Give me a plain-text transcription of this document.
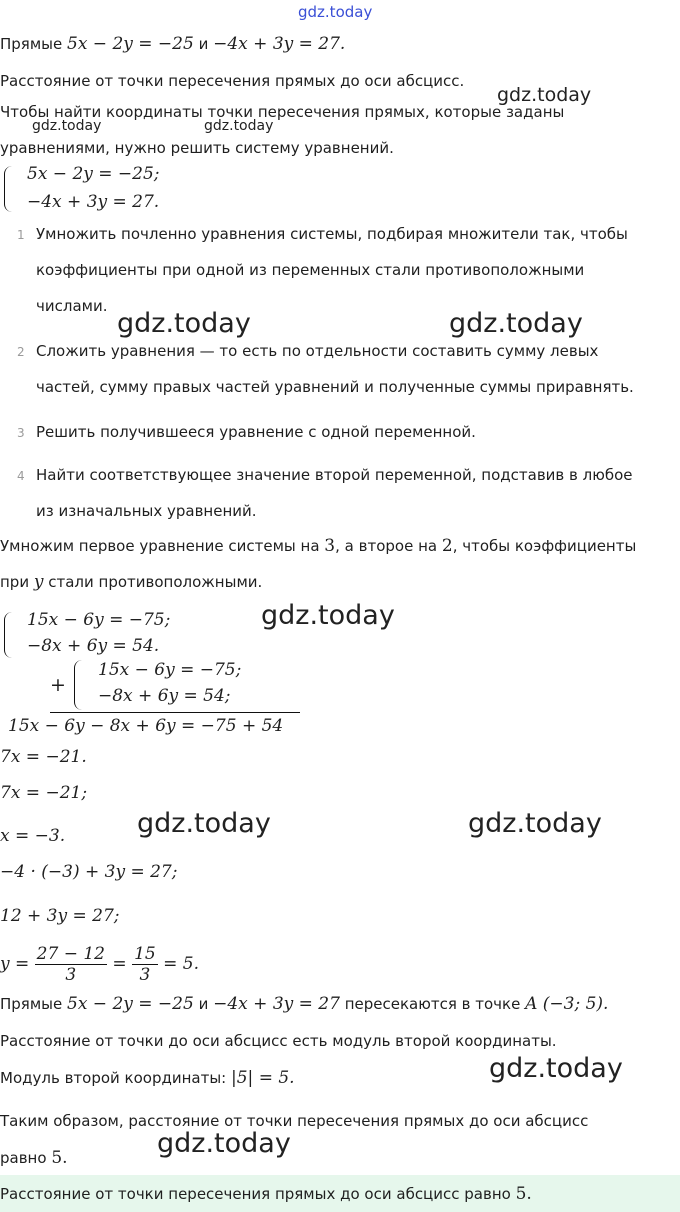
gdz.today
gdz.today
gdz.today	gdz.today
gdz.today	gdz.today
gdz.today
gdz.today	gdz.today
gdz.today
gdz.today
Прямые 5x − 2y = −25 и −4x + 3y = 27.
Расстояние от точки пересечения прямых до оси абсцисс.
Чтобы найти координаты точки пересечения прямых, которые заданы
уравнениями, нужно решить систему уравнений.
5x − 2y = −25;
−4x + 3y = 27.
1 Умножить почленно уравнения системы, подбирая множители так, чтобы
коэффициенты при одной из переменных стали противоположными
числами.
2 Сложить уравнения — то есть по отдельности составить сумму левых
частей, сумму правых частей уравнений и полученные суммы приравнять.
3 Решить получившееся уравнение с одной переменной.
4 Найти соответствующее значение второй переменной, подставив в любое
из изначальных уравнений.
Умножим первое уравнение системы на 3, а второе на 2, чтобы коэффициенты
при y стали противоположными.
15x − 6y = −75;
−8x + 6y = 54.
+
15x − 6y = −75;
−8x + 6y = 54;
15x − 6y − 8x + 6y = −75 + 54
7x = −21.
7x = −21;
x = −3.
−4 · (−3) + 3y = 27;
12 + 3y = 27;
$y = \frac{27 - 12}{3} = \frac{15}{3} = 5$.
Прямые 5x − 2y = −25 и −4x + 3y = 27 пересекаются в точке A (−3; 5).
Расстояние от точки до оси абсцисс есть модуль второй координаты.
Модуль второй координаты: |5| = 5.
Таким образом, расстояние от точки пересечения прямых до оси абсцисс
равно 5.
Расстояние от точки пересечения прямых до оси абсцисс равно 5.
